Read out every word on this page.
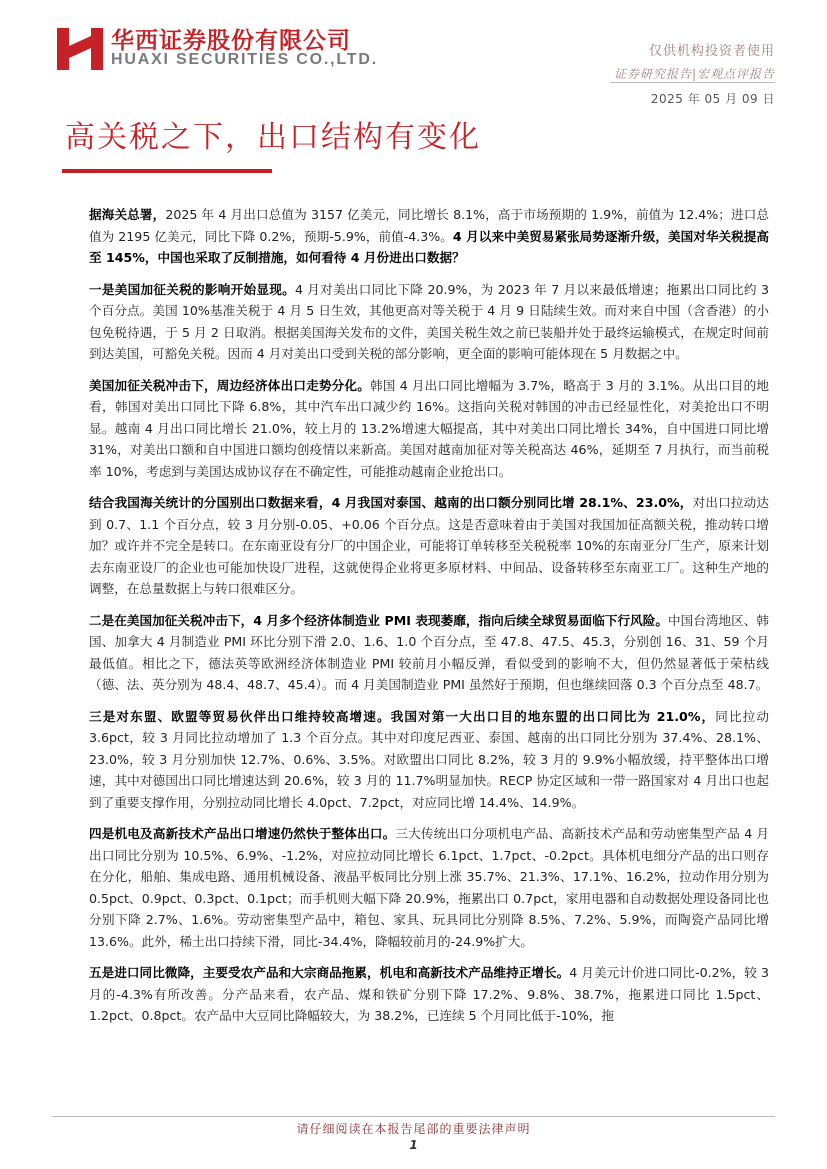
华西证券股份有限公司
HUAXI SECURITIES CO.,LTD.	仅供机构投资者使用
证券研究报告|宏观点评报告
2025 年 05 月 09 日
高关税之下，出口结构有变化

据海关总署，2025 年 4 月出口总值为 3157 亿美元，同比增长 8.1%，高于市场预期的 1.9%，前值为 12.4%；进口总值为 2195 亿美元，同比下降 0.2%，预期-5.9%，前值-4.3%。4 月以来中美贸易紧张局势逐渐升级，美国对华关税提高至 145%，中国也采取了反制措施，如何看待 4 月份进出口数据？

一是美国加征关税的影响开始显现。4 月对美出口同比下降 20.9%，为 2023 年 7 月以来最低增速；拖累出口同比约 3 个百分点。美国 10%基准关税于 4 月 5 日生效，其他更高对等关税于 4 月 9 日陆续生效。而对来自中国（含香港）的小包免税待遇，于 5 月 2 日取消。根据美国海关发布的文件，美国关税生效之前已装船并处于最终运输模式，在规定时间前到达美国，可豁免关税。因而 4 月对美出口受到关税的部分影响，更全面的影响可能体现在 5 月数据之中。

美国加征关税冲击下，周边经济体出口走势分化。韩国 4 月出口同比增幅为 3.7%，略高于 3 月的 3.1%。从出口目的地看，韩国对美出口同比下降 6.8%，其中汽车出口减少约 16%。这指向关税对韩国的冲击已经显性化，对美抢出口不明显。越南 4 月出口同比增长 21.0%，较上月的 13.2%增速大幅提高，其中对美出口同比增长 34%，自中国进口同比增 31%，对美出口额和自中国进口额均创疫情以来新高。美国对越南加征对等关税高达 46%，延期至 7 月执行，而当前税率 10%，考虑到与美国达成协议存在不确定性，可能推动越南企业抢出口。

结合我国海关统计的分国别出口数据来看，4 月我国对泰国、越南的出口额分别同比增 28.1%、23.0%，对出口拉动达到 0.7、1.1 个百分点，较 3 月分别-0.05、+0.06 个百分点。这是否意味着由于美国对我国加征高额关税，推动转口增加？或许并不完全是转口。在东南亚设有分厂的中国企业，可能将订单转移至关税税率 10%的东南亚分厂生产，原来计划去东南亚设厂的企业也可能加快设厂进程，这就使得企业将更多原材料、中间品、设备转移至东南亚工厂。这种生产地的调整，在总量数据上与转口很难区分。

二是在美国加征关税冲击下，4 月多个经济体制造业 PMI 表现萎靡，指向后续全球贸易面临下行风险。中国台湾地区、韩国、加拿大 4 月制造业 PMI 环比分别下滑 2.0、1.6、1.0 个百分点，至 47.8、47.5、45.3，分别创 16、31、59 个月最低值。相比之下，德法英等欧洲经济体制造业 PMI 较前月小幅反弹，看似受到的影响不大，但仍然显著低于荣枯线（德、法、英分别为 48.4、48.7、45.4）。而 4 月美国制造业 PMI 虽然好于预期，但也继续回落 0.3 个百分点至 48.7。

三是对东盟、欧盟等贸易伙伴出口维持较高增速。我国对第一大出口目的地东盟的出口同比为 21.0%，同比拉动 3.6pct，较 3 月同比拉动增加了 1.3 个百分点。其中对印度尼西亚、泰国、越南的出口同比分别为 37.4%、28.1%、23.0%，较 3 月分别加快 12.7%、0.6%、3.5%。对欧盟出口同比 8.2%，较 3 月的 9.9%小幅放缓，持平整体出口增速，其中对德国出口同比增速达到 20.6%，较 3 月的 11.7%明显加快。RECP 协定区域和一带一路国家对 4 月出口也起到了重要支撑作用，分别拉动同比增长 4.0pct、7.2pct，对应同比增 14.4%、14.9%。

四是机电及高新技术产品出口增速仍然快于整体出口。三大传统出口分项机电产品、高新技术产品和劳动密集型产品 4 月出口同比分别为 10.5%、6.9%、-1.2%，对应拉动同比增长 6.1pct、1.7pct、-0.2pct。具体机电细分产品的出口则存在分化，船舶、集成电路、通用机械设备、液晶平板同比分别上涨 35.7%、21.3%、17.1%、16.2%，拉动作用分别为 0.5pct、0.9pct、0.3pct、0.1pct；而手机则大幅下降 20.9%，拖累出口 0.7pct，家用电器和自动数据处理设备同比也分别下降 2.7%、1.6%。劳动密集型产品中，箱包、家具、玩具同比分别降 8.5%、7.2%、5.9%，而陶瓷产品同比增 13.6%。此外，稀土出口持续下滑，同比-34.4%，降幅较前月的-24.9%扩大。

五是进口同比微降，主要受农产品和大宗商品拖累，机电和高新技术产品维持正增长。4 月美元计价进口同比-0.2%，较 3 月的-4.3%有所改善。分产品来看，农产品、煤和铁矿分别下降 17.2%、9.8%、38.7%，拖累进口同比 1.5pct、1.2pct、0.8pct。农产品中大豆同比降幅较大，为 38.2%，已连续 5 个月同比低于-10%，拖

请仔细阅读在本报告尾部的重要法律声明
1
